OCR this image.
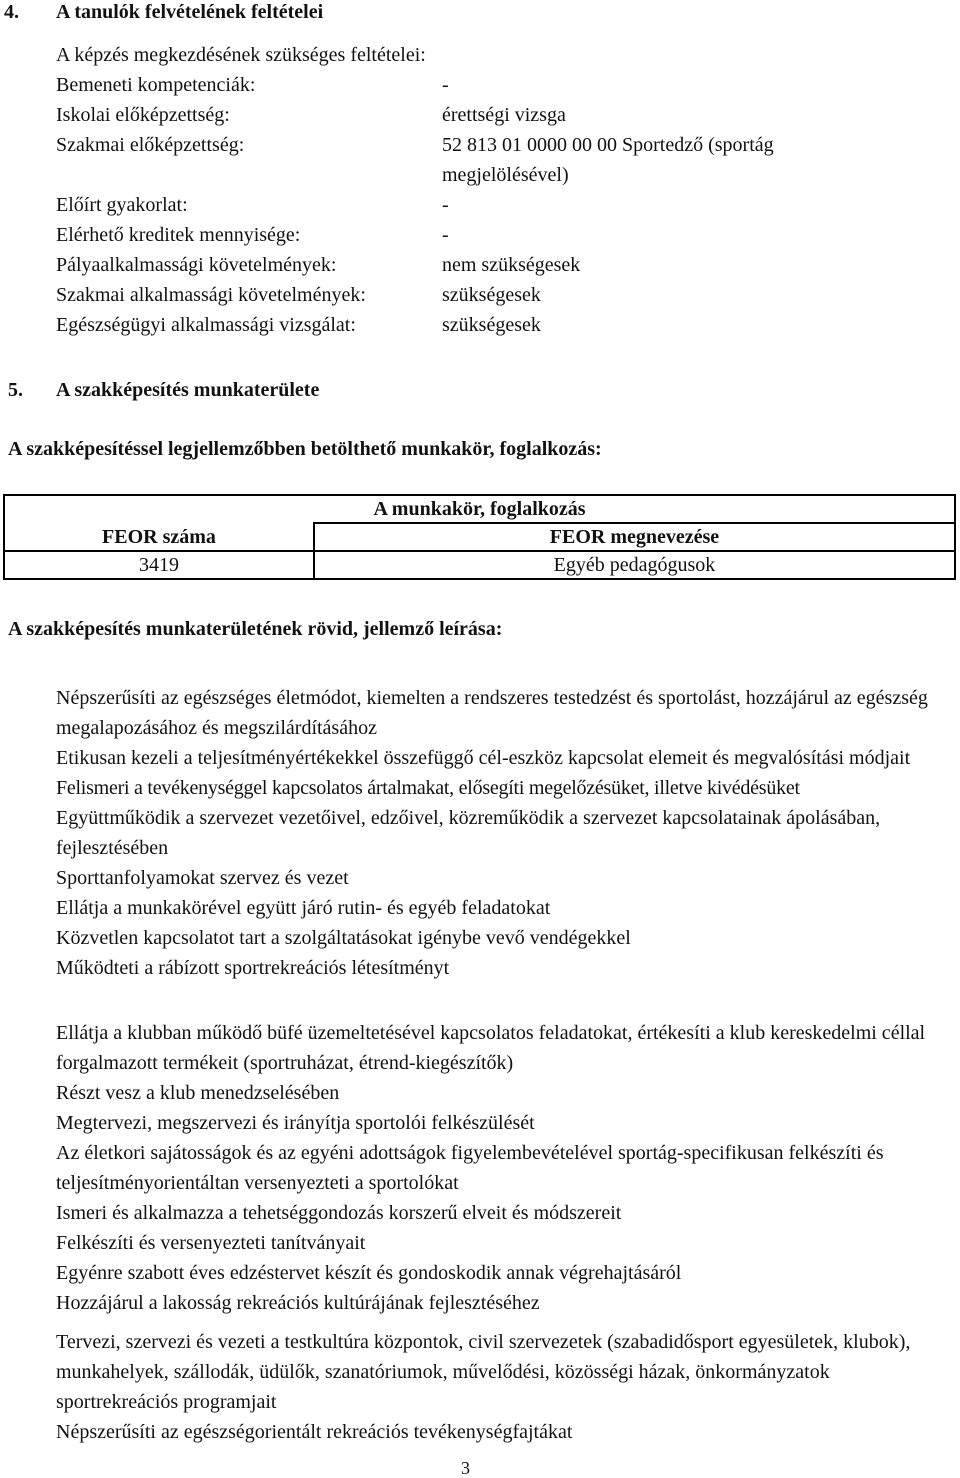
4. A tanulók felvételének feltételei
A képzés megkezdésének szükséges feltételei:
Bemeneti kompetenciák:	-
Iskolai előképzettség:	érettségi vizsga
Szakmai előképzettség:	52 813 01 0000 00 00 Sportedző (sportág
megjelölésével)
Előírt gyakorlat:	-
Elérhető kreditek mennyisége:	-
Pályaalkalmassági követelmények:	nem szükségesek
Szakmai alkalmassági követelmények:	szükségesek
Egészségügyi alkalmassági vizsgálat:	szükségesek
5. A szakképesítés munkaterülete
A szakképesítéssel legjellemzőbben betölthető munkakör, foglalkozás:
A munkakör, foglalkozás	
FEOR száma	FEOR megnevezése
3419	Egyéb pedagógusok
A szakképesítés munkaterületének rövid, jellemző leírása:

Népszerűsíti az egészséges életmódot, kiemelten a rendszeres testedzést és sportolást, hozzájárul az egészség megalapozásához és megszilárdításához

Etikusan kezeli a teljesítményértékekkel összefüggő cél-eszköz kapcsolat elemeit és megvalósítási módjait

Felismeri a tevékenységgel kapcsolatos ártalmakat, elősegíti megelőzésüket, illetve kivédésüket

Együttműködik a szervezet vezetőivel, edzőivel, közreműködik a szervezet kapcsolatainak ápolásában, fejlesztésében

Sporttanfolyamokat szervez és vezet

Ellátja a munkakörével együtt járó rutin- és egyéb feladatokat

Közvetlen kapcsolatot tart a szolgáltatásokat igénybe vevő vendégekkel

Működteti a rábízott sportrekreációs létesítményt

Ellátja a klubban működő büfé üzemeltetésével kapcsolatos feladatokat, értékesíti a klub kereskedelmi céllal forgalmazott termékeit (sportruházat, étrend-kiegészítők)

Részt vesz a klub menedzselésében

Megtervezi, megszervezi és irányítja sportolói felkészülését

Az életkori sajátosságok és az egyéni adottságok figyelembevételével sportág-specifikusan felkészíti és teljesítményorientáltan versenyezteti a sportolókat

Ismeri és alkalmazza a tehetséggondozás korszerű elveit és módszereit

Felkészíti és versenyezteti tanítványait

Egyénre szabott éves edzéstervet készít és gondoskodik annak végrehajtásáról

Hozzájárul a lakosság rekreációs kultúrájának fejlesztéséhez

Tervezi, szervezi és vezeti a testkultúra központok, civil szervezetek (szabadidősport egyesületek, klubok), munkahelyek, szállodák, üdülők, szanatóriumok, művelődési, közösségi házak, önkormányzatok sportrekreációs programjait

Népszerűsíti az egészségorientált rekreációs tevékenységfajtákat

3
